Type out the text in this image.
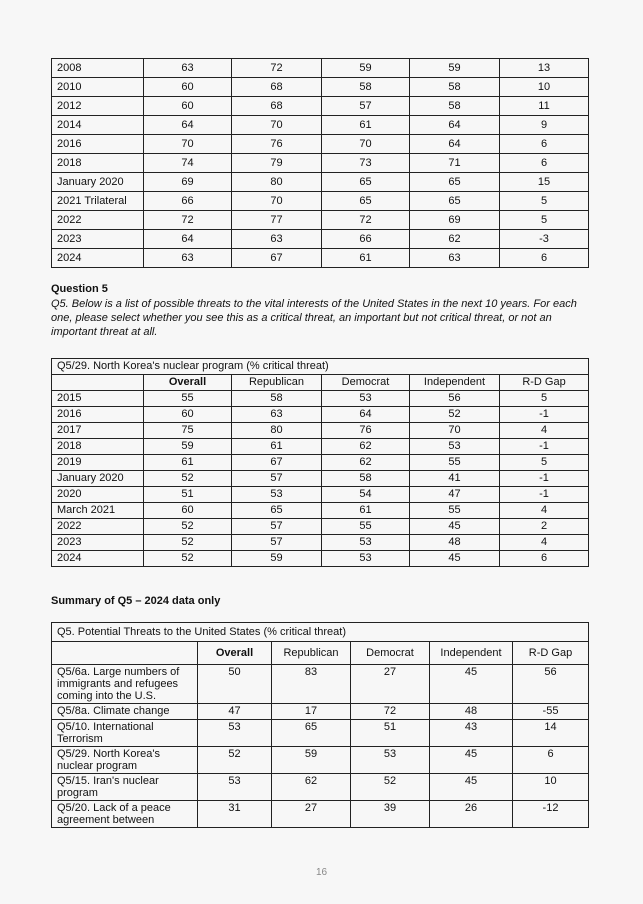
2008	63	72	59	59	13
2010	60	68	58	58	10
2012	60	68	57	58	11
2014	64	70	61	64	9
2016	70	76	70	64	6
2018	74	79	73	71	6
January 2020	69	80	65	65	15
2021 Trilateral	66	70	65	65	5
2022	72	77	72	69	5
2023	64	63	66	62	-3
2024	63	67	61	63	6
Question 5
Q5. Below is a list of possible threats to the vital interests of the United States in the next 10 years. For each one, please select whether you see this as a critical threat, an important but not critical threat, or not an important threat at all.
Q5/29. North Korea's nuclear program (% critical threat)					
	Overall	Republican	Democrat	Independent	R-D Gap
2015	55	58	53	56	5
2016	60	63	64	52	-1
2017	75	80	76	70	4
2018	59	61	62	53	-1
2019	61	67	62	55	5
January 2020	52	57	58	41	-1
2020	51	53	54	47	-1
March 2021	60	65	61	55	4
2022	52	57	55	45	2
2023	52	57	53	48	4
2024	52	59	53	45	6
Summary of Q5 – 2024 data only
Q5. Potential Threats to the United States (% critical threat)					
	Overall	Republican	Democrat	Independent	R-D Gap
Q5/6a. Large numbers of immigrants and refugees coming into the U.S.	50	83	27	45	56
Q5/8a. Climate change	47	17	72	48	-55
Q5/10. International Terrorism	53	65	51	43	14
Q5/29. North Korea's nuclear program	52	59	53	45	6
Q5/15. Iran's nuclear program	53	62	52	45	10
Q5/20. Lack of a peace agreement between	31	27	39	26	-12
16
